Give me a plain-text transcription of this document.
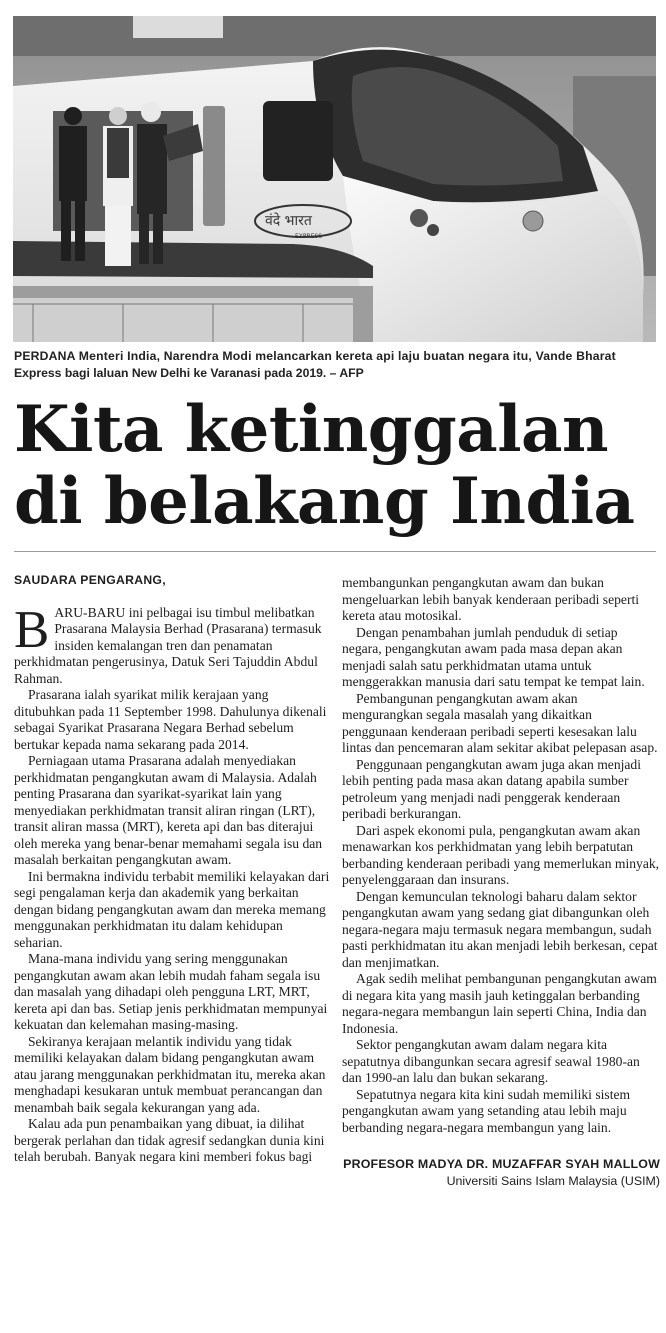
वंदे भारत
EXPRESS
PERDANA Menteri India, Narendra Modi melancarkan kereta api laju buatan negara itu, Vande Bharat
Express bagi laluan New Delhi ke Varanasi pada 2019. – AFP
Kita ketinggalan
di belakang India
SAUDARA PENGARANG,

BARU-BARU ini pelbagai isu timbul melibatkan Prasarana Malaysia Berhad (Prasarana) termasuk insiden kemalangan tren dan penamatan perkhidmatan pengerusinya, Datuk Seri Tajuddin Abdul Rahman.

Prasarana ialah syarikat milik kerajaan yang ditubuhkan pada 11 September 1998. Dahulunya dikenali sebagai Syarikat Prasarana Negara Berhad sebelum bertukar kepada nama sekarang pada 2014.

Perniagaan utama Prasarana adalah menyediakan perkhidmatan pengangkutan awam di Malaysia. Adalah penting Prasarana dan syarikat-syarikat lain yang menyediakan perkhidmatan transit aliran ringan (LRT), transit aliran massa (MRT), kereta api dan bas diterajui oleh mereka yang benar-benar memahami segala isu dan masalah berkaitan pengangkutan awam.

Ini bermakna individu terbabit memiliki kelayakan dari segi pengalaman kerja dan akademik yang berkaitan dengan bidang pengangkutan awam dan mereka memang menggunakan perkhidmatan itu dalam kehidupan seharian.

Mana-mana individu yang sering menggunakan pengangkutan awam akan lebih mudah faham segala isu dan masalah yang dihadapi oleh pengguna LRT, MRT, kereta api dan bas. Setiap jenis perkhidmatan mempunyai kekuatan dan kelemahan masing-masing.

Sekiranya kerajaan melantik individu yang tidak memiliki kelayakan dalam bidang pengangkutan awam atau jarang menggunakan perkhidmatan itu, mereka akan menghadapi kesukaran untuk membuat perancangan dan menambah baik segala kekurangan yang ada.

Kalau ada pun penambaikan yang dibuat, ia dilihat bergerak perlahan dan tidak agresif sedangkan dunia kini telah berubah. Banyak negara kini memberi fokus bagi

membangunkan pengangkutan awam dan bukan mengeluarkan lebih banyak kenderaan peribadi seperti kereta atau motosikal.

Dengan penambahan jumlah penduduk di setiap negara, pengangkutan awam pada masa depan akan menjadi salah satu perkhidmatan utama untuk menggerakkan manusia dari satu tempat ke tempat lain.

Pembangunan pengangkutan awam akan mengurangkan segala masalah yang dikaitkan penggunaan kenderaan peribadi seperti kesesakan lalu lintas dan pencemaran alam sekitar akibat pelepasan asap.

Penggunaan pengangkutan awam juga akan menjadi lebih penting pada masa akan datang apabila sumber petroleum yang menjadi nadi penggerak kenderaan peribadi berkurangan.

Dari aspek ekonomi pula, pengangkutan awam akan menawarkan kos perkhidmatan yang lebih berpatutan berbanding kenderaan peribadi yang memerlukan minyak, penyelenggaraan dan insurans.

Dengan kemunculan teknologi baharu dalam sektor pengangkutan awam yang sedang giat dibangunkan oleh negara-negara maju termasuk negara membangun, sudah pasti perkhidmatan itu akan menjadi lebih berkesan, cepat dan menjimatkan.

Agak sedih melihat pembangunan pengangkutan awam di negara kita yang masih jauh ketinggalan berbanding negara-negara membangun lain seperti China, India dan Indonesia.

Sektor pengangkutan awam dalam negara kita sepatutnya dibangunkan secara agresif seawal 1980-an dan 1990-an lalu dan bukan sekarang.

Sepatutnya negara kita kini sudah memiliki sistem pengangkutan awam yang setanding atau lebih maju berbanding negara-negara membangun yang lain.

PROFESOR MADYA DR. MUZAFFAR SYAH MALLOW
Universiti Sains Islam Malaysia (USIM)
